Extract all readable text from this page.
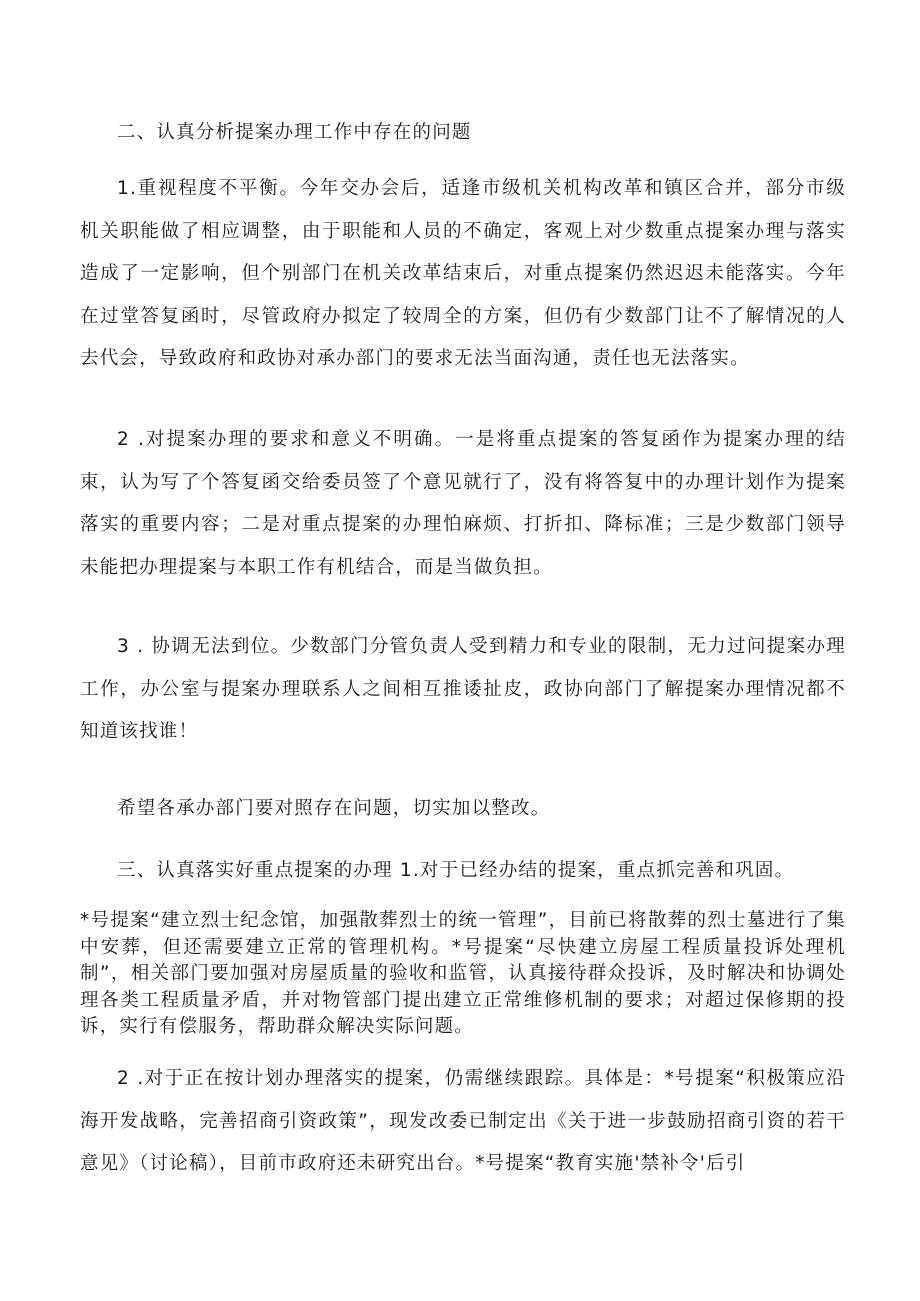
二、认真分析提案办理工作中存在的问题

1.重视程度不平衡。今年交办会后，适逢市级机关机构改革和镇区合并，部分市级机关职能做了相应调整，由于职能和人员的不确定，客观上对少数重点提案办理与落实造成了一定影响，但个别部门在机关改革结束后，对重点提案仍然迟迟未能落实。今年在过堂答复函时，尽管政府办拟定了较周全的方案，但仍有少数部门让不了解情况的人去代会，导致政府和政协对承办部门的要求无法当面沟通，责任也无法落实。

2 .对提案办理的要求和意义不明确。一是将重点提案的答复函作为提案办理的结束，认为写了个答复函交给委员签了个意见就行了，没有将答复中的办理计划作为提案落实的重要内容；二是对重点提案的办理怕麻烦、打折扣、降标准；三是少数部门领导未能把办理提案与本职工作有机结合，而是当做负担。

3 . 协调无法到位。少数部门分管负责人受到精力和专业的限制，无力过问提案办理工作，办公室与提案办理联系人之间相互推诿扯皮，政协向部门了解提案办理情况都不知道该找谁！

希望各承办部门要对照存在问题，切实加以整改。

三、认真落实好重点提案的办理 1.对于已经办结的提案，重点抓完善和巩固。

*号提案“建立烈士纪念馆，加强散葬烈士的统一管理”，目前已将散葬的烈士墓进行了集中安葬，但还需要建立正常的管理机构。*号提案“尽快建立房屋工程质量投诉处理机制”，相关部门要加强对房屋质量的验收和监管，认真接待群众投诉，及时解决和协调处理各类工程质量矛盾，并对物管部门提出建立正常维修机制的要求；对超过保修期的投诉，实行有偿服务，帮助群众解决实际问题。

2 .对于正在按计划办理落实的提案，仍需继续跟踪。具体是：*号提案“积极策应沿海开发战略，完善招商引资政策”，现发改委已制定出《关于进一步鼓励招商引资的若干意见》（讨论稿），目前市政府还未研究出台。*号提案“教育实施'禁补令'后引
